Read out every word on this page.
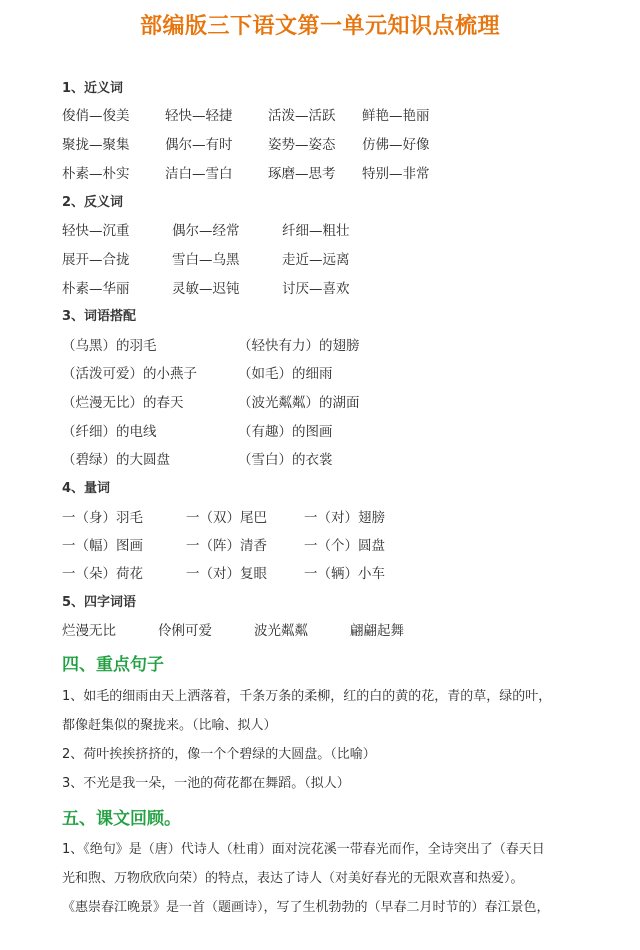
部编版三下语文第一单元知识点梳理
1、近义词
俊俏—俊美	轻快—轻捷	活泼—活跃 鲜艳—艳丽
聚拢—聚集	偶尔—有时	姿势—姿态 仿佛—好像
朴素—朴实	洁白—雪白	琢磨—思考 特别—非常
2、反义词
轻快—沉重	偶尔—经常	纤细—粗壮
展开—合拢	雪白—乌黑	走近—远离
朴素—华丽	灵敏—迟钝	讨厌—喜欢
3、词语搭配
（乌黑）的羽毛	（轻快有力）的翅膀
（活泼可爱）的小燕子	（如毛）的细雨
（烂漫无比）的春天	（波光粼粼）的湖面
（纤细）的电线	（有趣）的图画
（碧绿）的大圆盘	（雪白）的衣裳
4、量词
一（身）羽毛	一（双）尾巴	一（对）翅膀
一（幅）图画	一（阵）清香	一（个）圆盘
一（朵）荷花	一（对）复眼	一（辆）小车
5、四字词语
烂漫无比	伶俐可爱	波光粼粼	翩翩起舞
四、重点句子
1、如毛的细雨由天上洒落着，千条万条的柔柳，红的白的黄的花，青的草，绿的叶，
都像赶集似的聚拢来。（比喻、拟人）
2、荷叶挨挨挤挤的，像一个个碧绿的大圆盘。（比喻）
3、不光是我一朵，一池的荷花都在舞蹈。（拟人）
五、课文回顾。
1、《绝句》是（唐）代诗人（杜甫）面对浣花溪一带春光而作，全诗突出了（春天日
光和煦、万物欣欣向荣）的特点，表达了诗人（对美好春光的无限欢喜和热爱）。
《惠崇春江晚景》是一首（题画诗），写了生机勃勃的（早春二月时节的）春江景色，
